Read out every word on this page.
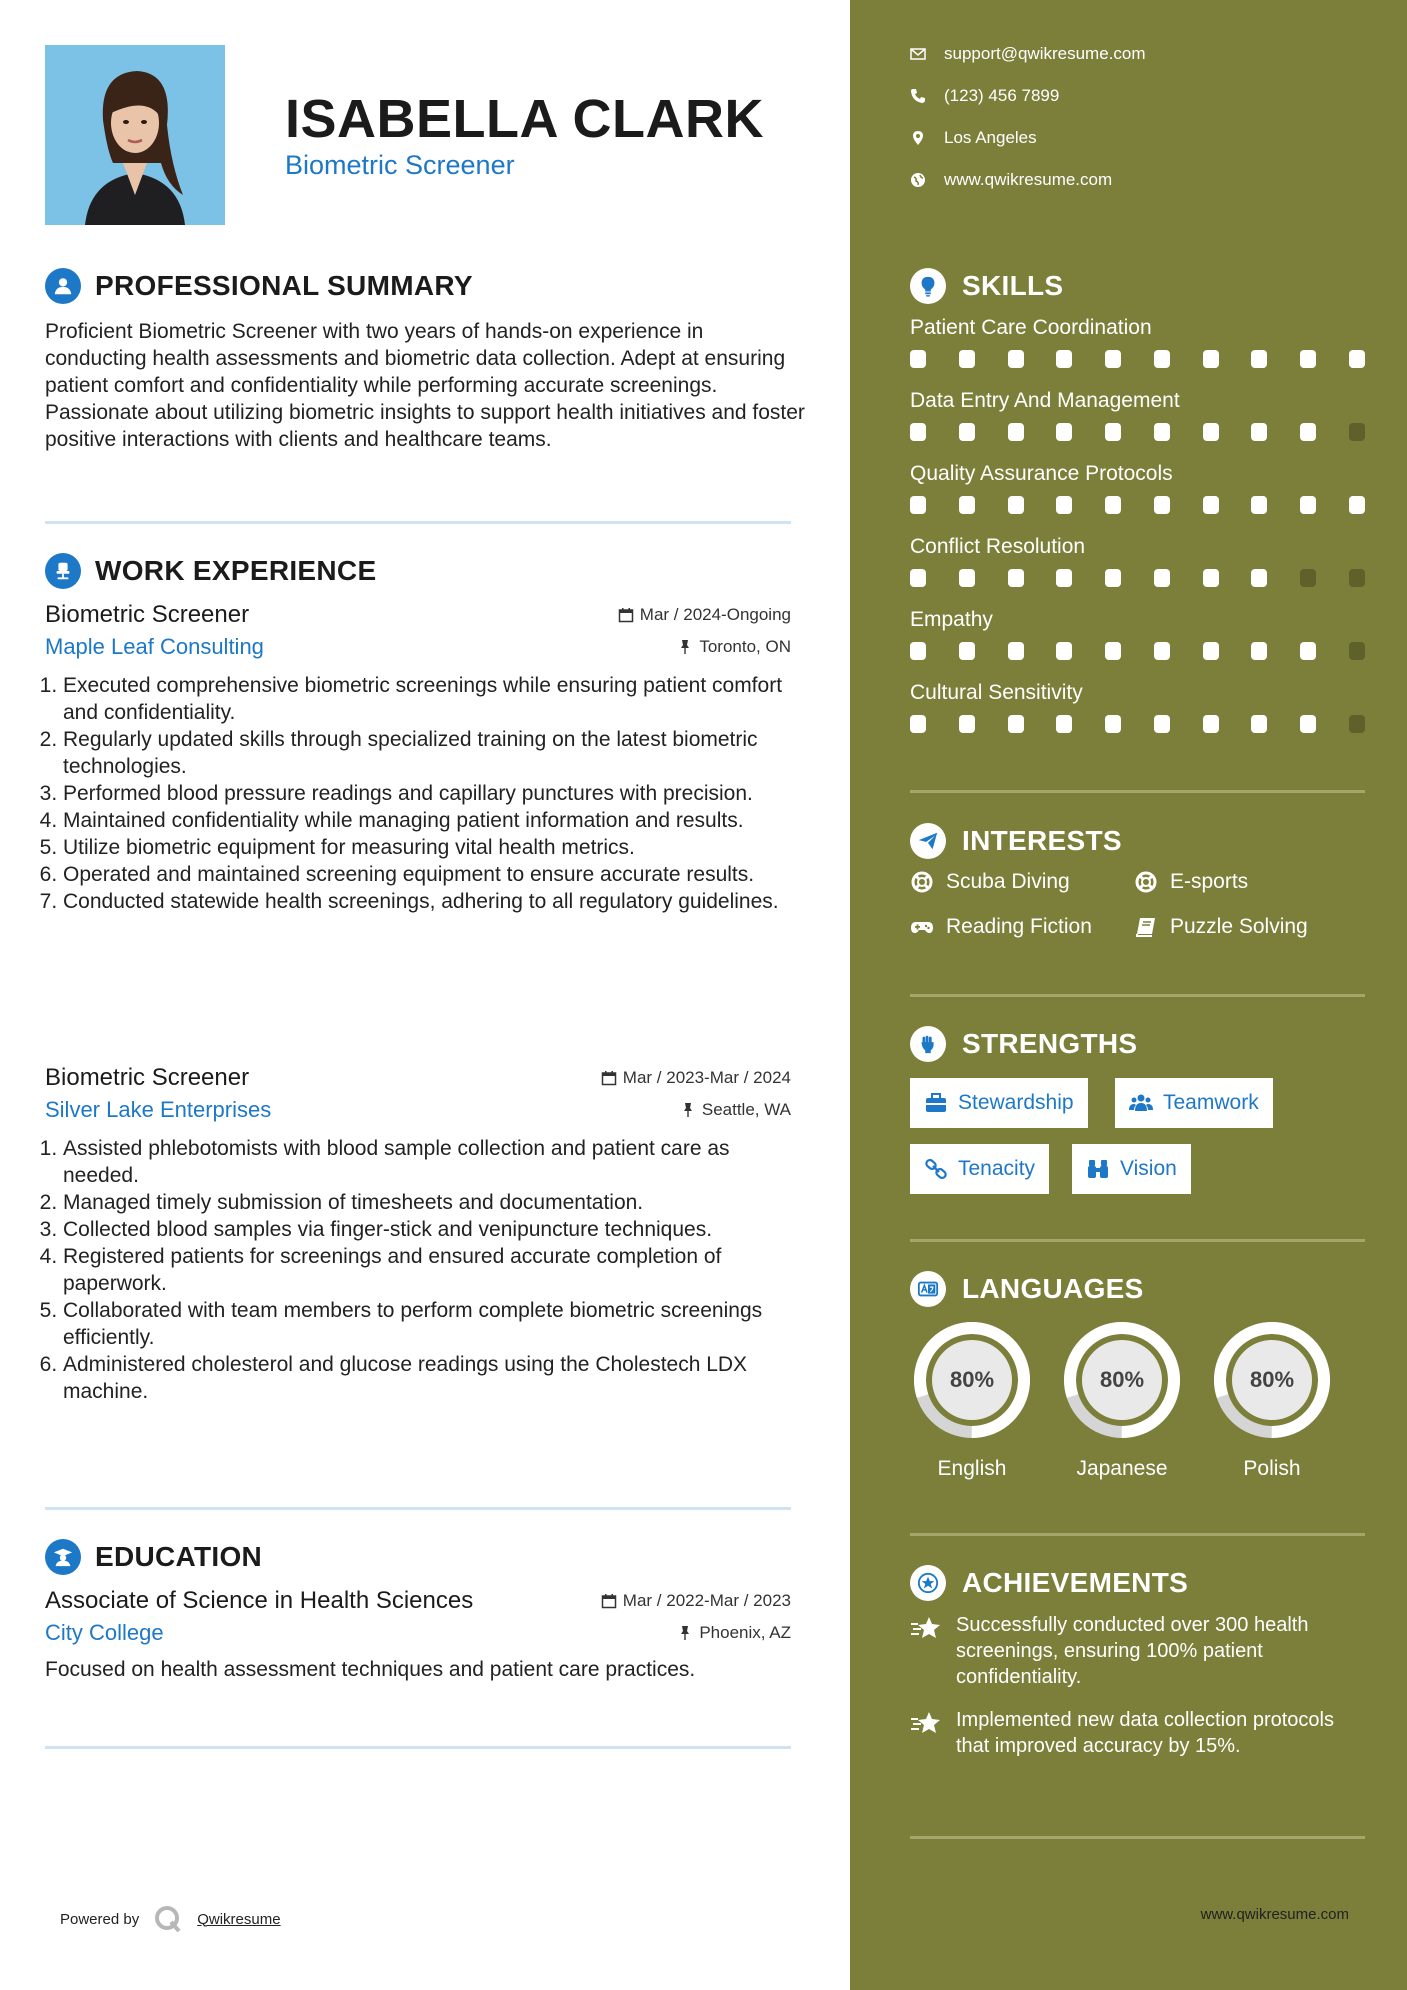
ISABELLA CLARK
Biometric Screener
PROFESSIONAL SUMMARY

Proficient Biometric Screener with two years of hands-on experience in conducting health assessments and biometric data collection. Adept at ensuring patient comfort and confidentiality while performing accurate screenings. Passionate about utilizing biometric insights to support health initiatives and foster positive interactions with clients and healthcare teams.

WORK EXPERIENCE
Biometric Screener	Mar / 2024-Ongoing
Maple Leaf Consulting	Toronto, ON
1. Executed comprehensive biometric screenings while ensuring patient comfort and confidentiality.
2. Regularly updated skills through specialized training on the latest biometric technologies.
3. Performed blood pressure readings and capillary punctures with precision.
4. Maintained confidentiality while managing patient information and results.
5. Utilize biometric equipment for measuring vital health metrics.
6. Operated and maintained screening equipment to ensure accurate results.
7. Conducted statewide health screenings, adhering to all regulatory guidelines.
Biometric Screener	Mar / 2023-Mar / 2024
Silver Lake Enterprises	Seattle, WA
1. Assisted phlebotomists with blood sample collection and patient care as needed.
2. Managed timely submission of timesheets and documentation.
3. Collected blood samples via finger-stick and venipuncture techniques.
4. Registered patients for screenings and ensured accurate completion of paperwork.
5. Collaborated with team members to perform complete biometric screenings efficiently.
6. Administered cholesterol and glucose readings using the Cholestech LDX machine.
EDUCATION
Associate of Science in Health Sciences	Mar / 2022-Mar / 2023
City College	Phoenix, AZ
Focused on health assessment techniques and patient care practices.
Powered by	Qwikresume
support@qwikresume.com
(123) 456 7899
Los Angeles
www.qwikresume.com
SKILLS
Patient Care Coordination
Data Entry And Management
Quality Assurance Protocols
Conflict Resolution
Empathy
Cultural Sensitivity
INTERESTS
Scuba Diving	E-sports
Reading Fiction	Puzzle Solving
STRENGTHS
Stewardship	Teamwork
Tenacity	Vision
LANGUAGES
80%
English
80%
Japanese
80%
Polish
ACHIEVEMENTS
Successfully conducted over 300 health screenings, ensuring 100% patient confidentiality.
Implemented new data collection protocols that improved accuracy by 15%.
www.qwikresume.com
